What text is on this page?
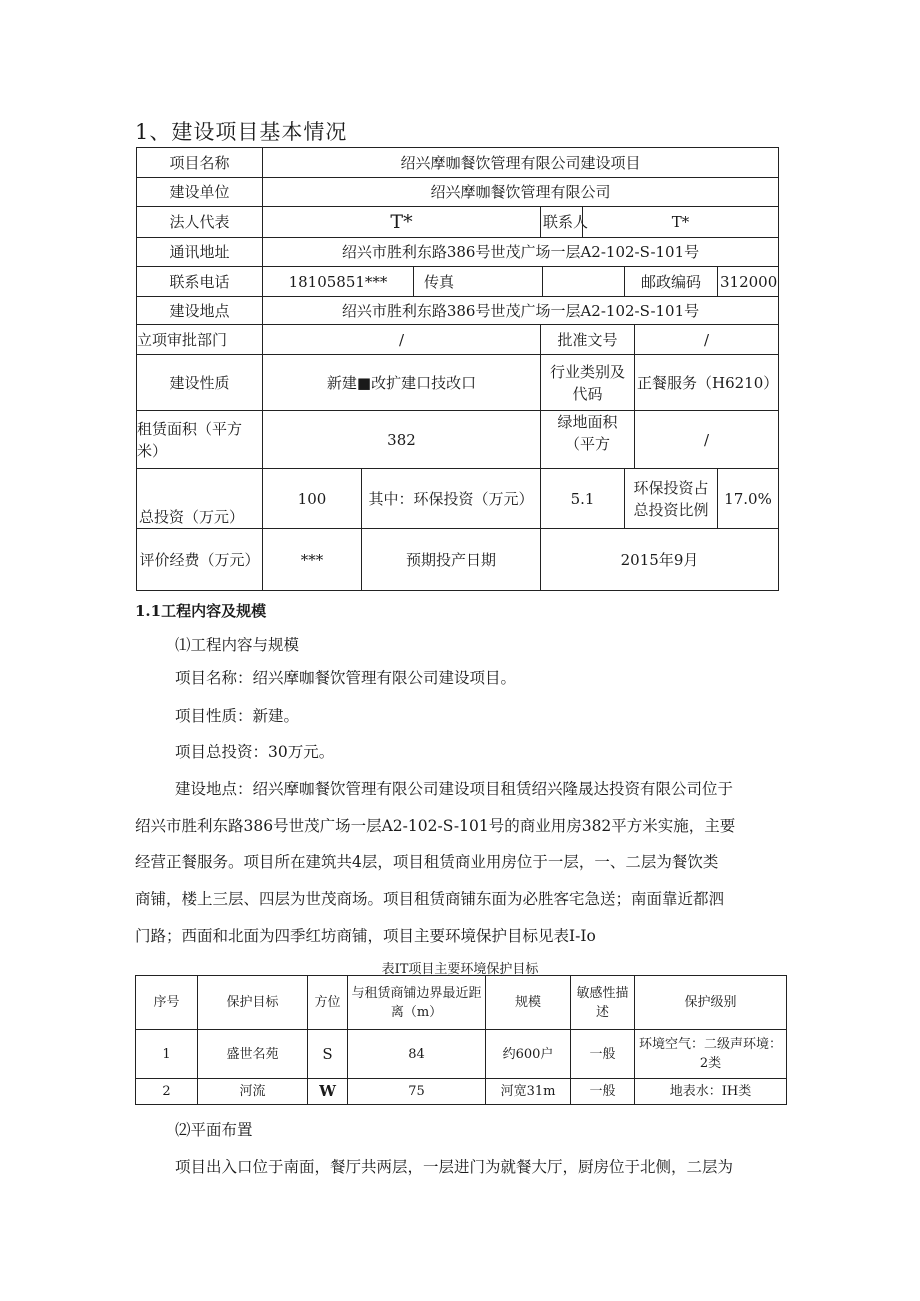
1、建设项目基本情况
项目名称	绍兴摩咖餐饮管理有限公司建设项目								
建设单位	绍兴摩咖餐饮管理有限公司								
法人代表	T*			联系人		T*			
通讯地址	绍兴市胜利东路386号世茂广场一层A2-102-S-101号								
联系电话	18105851***		传真				邮政编码		312000
建设地点	绍兴市胜利东路386号世茂广场一层A2-102-S-101号								
立项审批部门	/			批准文号				/	
建设性质	新建■改扩建口技改口			行业类别及代码				正餐服务（H6210）	
租赁面积（平方米）	382			绿地面积（平方				/	
总投资（万元）	100	其中：环保投资（万元）		5.1			环保投资占总投资比例		17.0%
评价经费（万元）	***	预期投产日期		2015年9月					
1.1工程内容及规模
⑴工程内容与规模
项目名称：绍兴摩咖餐饮管理有限公司建设项目。
项目性质：新建。
项目总投资：30万元。
建设地点：绍兴摩咖餐饮管理有限公司建设项目租赁绍兴隆晟达投资有限公司位于
绍兴市胜利东路386号世茂广场一层A2-102-S-101号的商业用房382平方米实施，主要
经营正餐服务。项目所在建筑共4层，项目租赁商业用房位于一层，一、二层为餐饮类
商铺，楼上三层、四层为世茂商场。项目租赁商铺东面为必胜客宅急送；南面靠近都泗
门路；西面和北面为四季红坊商铺，项目主要环境保护目标见表I-Io
表IT项目主要环境保护目标
序号	保护目标	方位	与租赁商铺边界最近距离（m）	规模	敏感性描述	保护级别
1	盛世名苑	S	84	约600户	一般	环境空气：二级声环境：2类
2	河流	W	75	河宽31m	一般	地表水：IH类
⑵平面布置
项目出入口位于南面，餐厅共两层，一层进门为就餐大厅，厨房位于北侧，二层为
